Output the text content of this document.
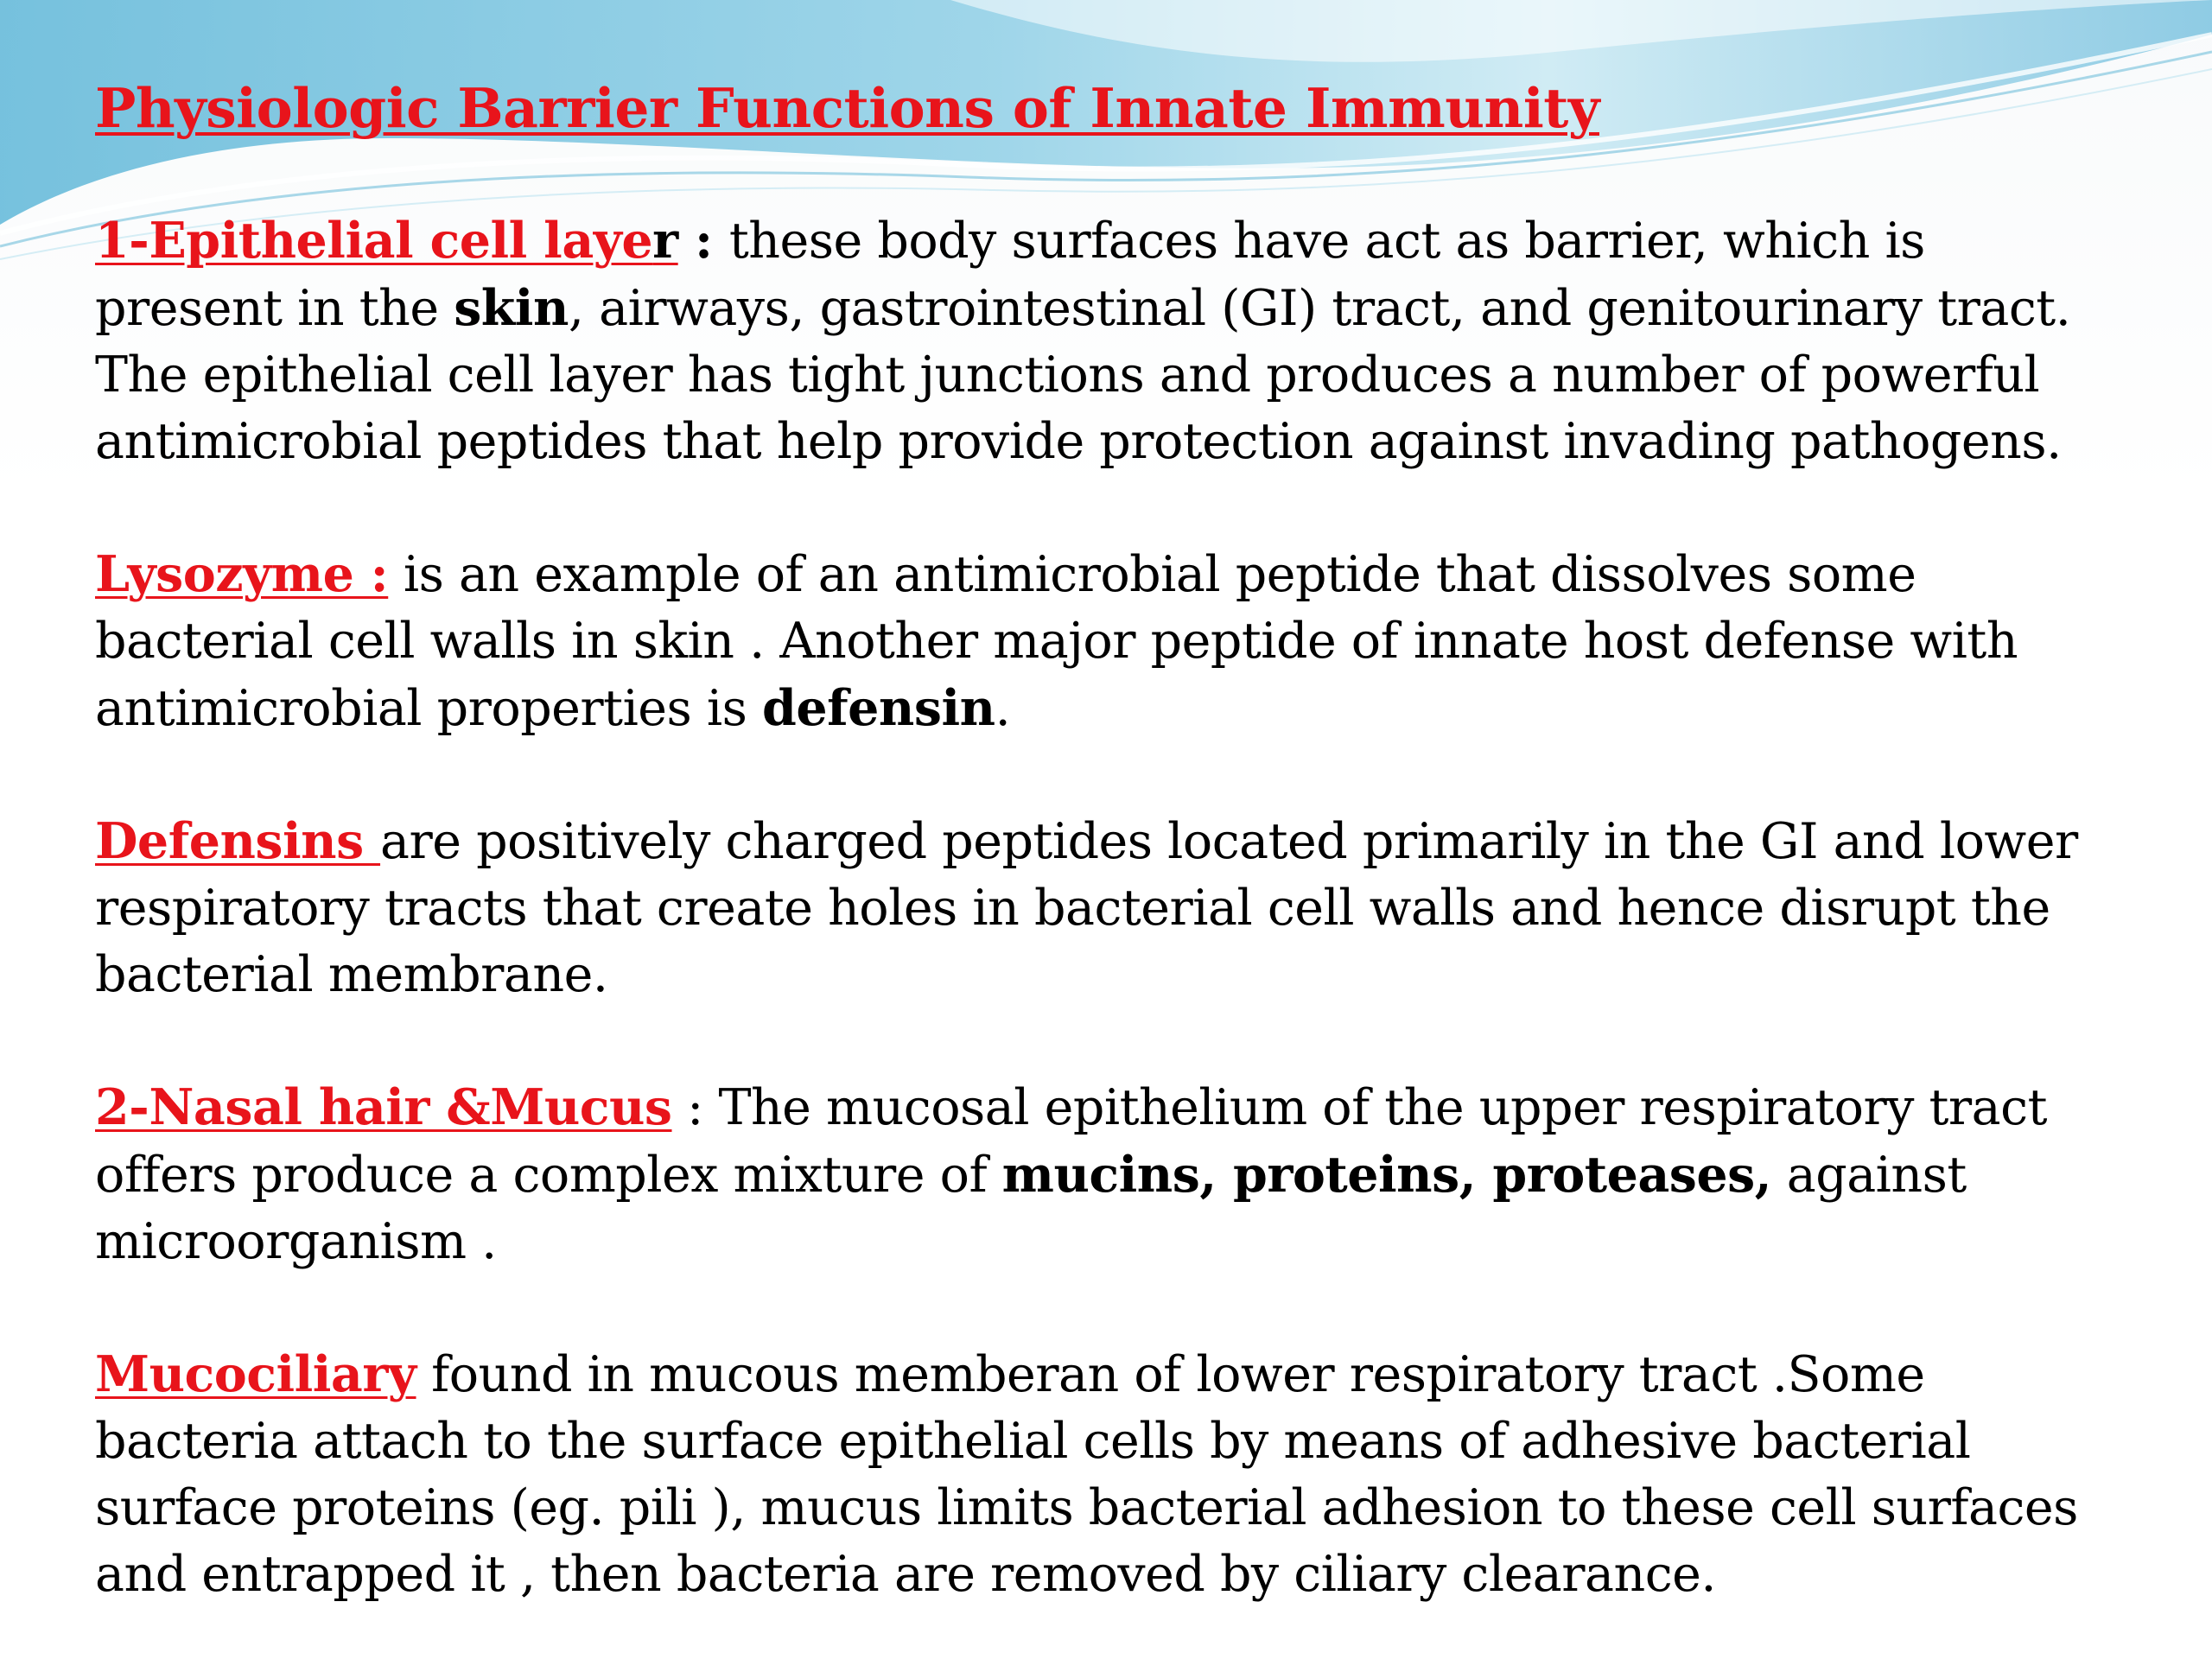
Physiologic Barrier Functions of Innate Immunity
1-Epithelial cell layer : these body surfaces have act as barrier, which is present in the skin, airways, gastrointestinal (GI) tract, and genitourinary tract. The epithelial cell layer has tight junctions and produces a number of powerful antimicrobial peptides that help provide protection against invading pathogens.
Lysozyme : is an example of an antimicrobial peptide that dissolves some bacterial cell walls in skin . Another major peptide of innate host defense with antimicrobial properties is defensin.
Defensins are positively charged peptides located primarily in the GI and lower respiratory tracts that create holes in bacterial cell walls and hence disrupt the bacterial membrane.
2-Nasal hair &Mucus : The mucosal epithelium of the upper respiratory tract offers produce a complex mixture of mucins, proteins, proteases, against microorganism .
Mucociliary found in mucous memberan of lower respiratory tract .Some bacteria attach to the surface epithelial cells by means of adhesive bacterial surface proteins (eg. pili ), mucus limits bacterial adhesion to these cell surfaces and entrapped it , then bacteria are removed by ciliary clearance.
